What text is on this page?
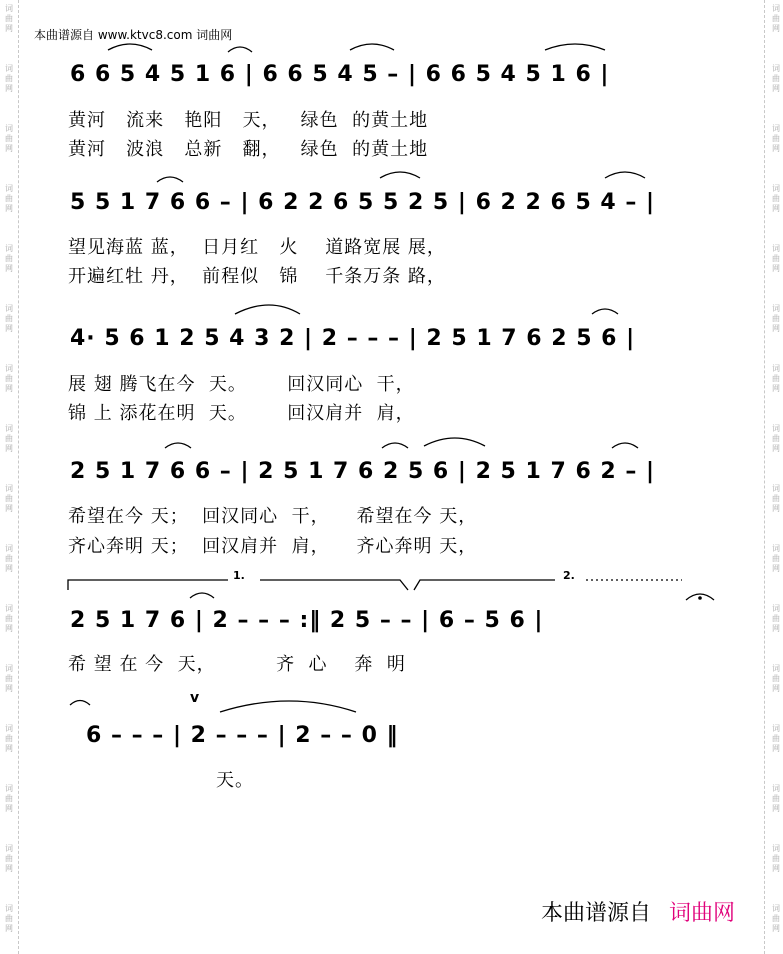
词
曲
网
词
曲
网
词
曲
网
词
曲
网
词
曲
网
词
曲
网
词
曲
网
词
曲
网
词
曲
网
词
曲
网
词
曲
网
词
曲
网
词
曲
网
词
曲
网
词
曲
网
词
曲
网
词
曲
网
词
曲
网
词
曲
网
词
曲
网
词
曲
网
词
曲
网
词
曲
网
词
曲
网
词
曲
网
词
曲
网
词
曲
网
词
曲
网
词
曲
网
词
曲
网
词
曲
网
词
曲
网
本曲谱源自 www.ktvc8.com 词曲网
6 6 5 4 5 1 6 | 6 6 5 4 5 – | 6 6 5 4 5 1 6 |
黄河   流来   艳阳   天，   绿色  的黄土地
黄河   波浪   总新   翻，   绿色  的黄土地
5 5 1 7 6 6 – | 6 2 2 6 5 5 2 5 | 6 2 2 6 5 4 – |
望见海蓝 蓝，  日月红   火    道路宽展 展，
开遍红牡 丹，  前程似   锦    千条万条 路，
4· 5 6 1 2 5 4 3 2 | 2 – – – | 2 5 1 7 6 2 5 6 |
展 翅 腾飞在今  天。      回汉同心  干，
锦 上 添花在明  天。      回汉肩并  肩，
2 5 1 7 6 6 – | 2 5 1 7 6 2 5 6 | 2 5 1 7 6 2 – |
希望在今 天；  回汉同心  干，    希望在今 天，
齐心奔明 天；  回汉肩并  肩，    齐心奔明 天，
1.	2.
2 5 1 7 6 | 2 – – – :‖ 2 5 – – | 6 – 5 6 |
希 望 在 今  天，         齐  心    奔  明
v
6 – – – | 2 – – – | 2 – – 0 ‖
天。
本曲谱源自 词曲网
